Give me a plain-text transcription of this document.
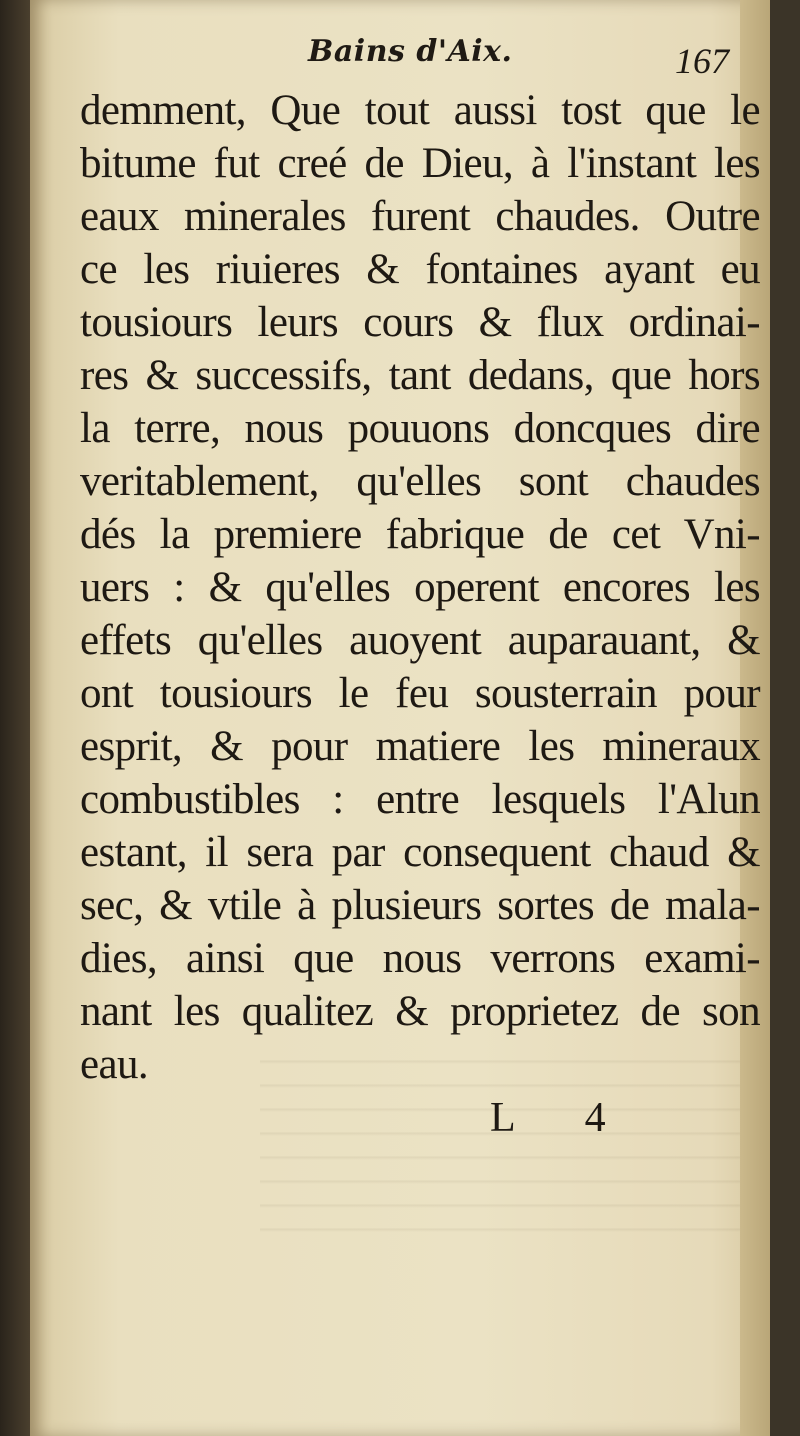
Bains d'Aix.	167
demment, Que tout aussi tost que le
bitume fut creé de Dieu, à l'instant les
eaux minerales furent chaudes. Outre
ce les riuieres & fontaines ayant eu
tousiours leurs cours & flux ordinai-
res & successifs, tant dedans, que hors
la terre, nous pouuons doncques dire
veritablement, qu'elles sont chaudes
dés la premiere fabrique de cet Vni-
uers : & qu'elles operent encores les
effets qu'elles auoyent auparauant, &
ont tousiours le feu sousterrain pour
esprit, & pour matiere les mineraux
combustibles : entre lesquels l'Alun
estant, il sera par consequent chaud &
sec, & vtile à plusieurs sortes de mala-
dies, ainsi que nous verrons exami-
nant les qualitez & proprietez de son
eau.
L 4
